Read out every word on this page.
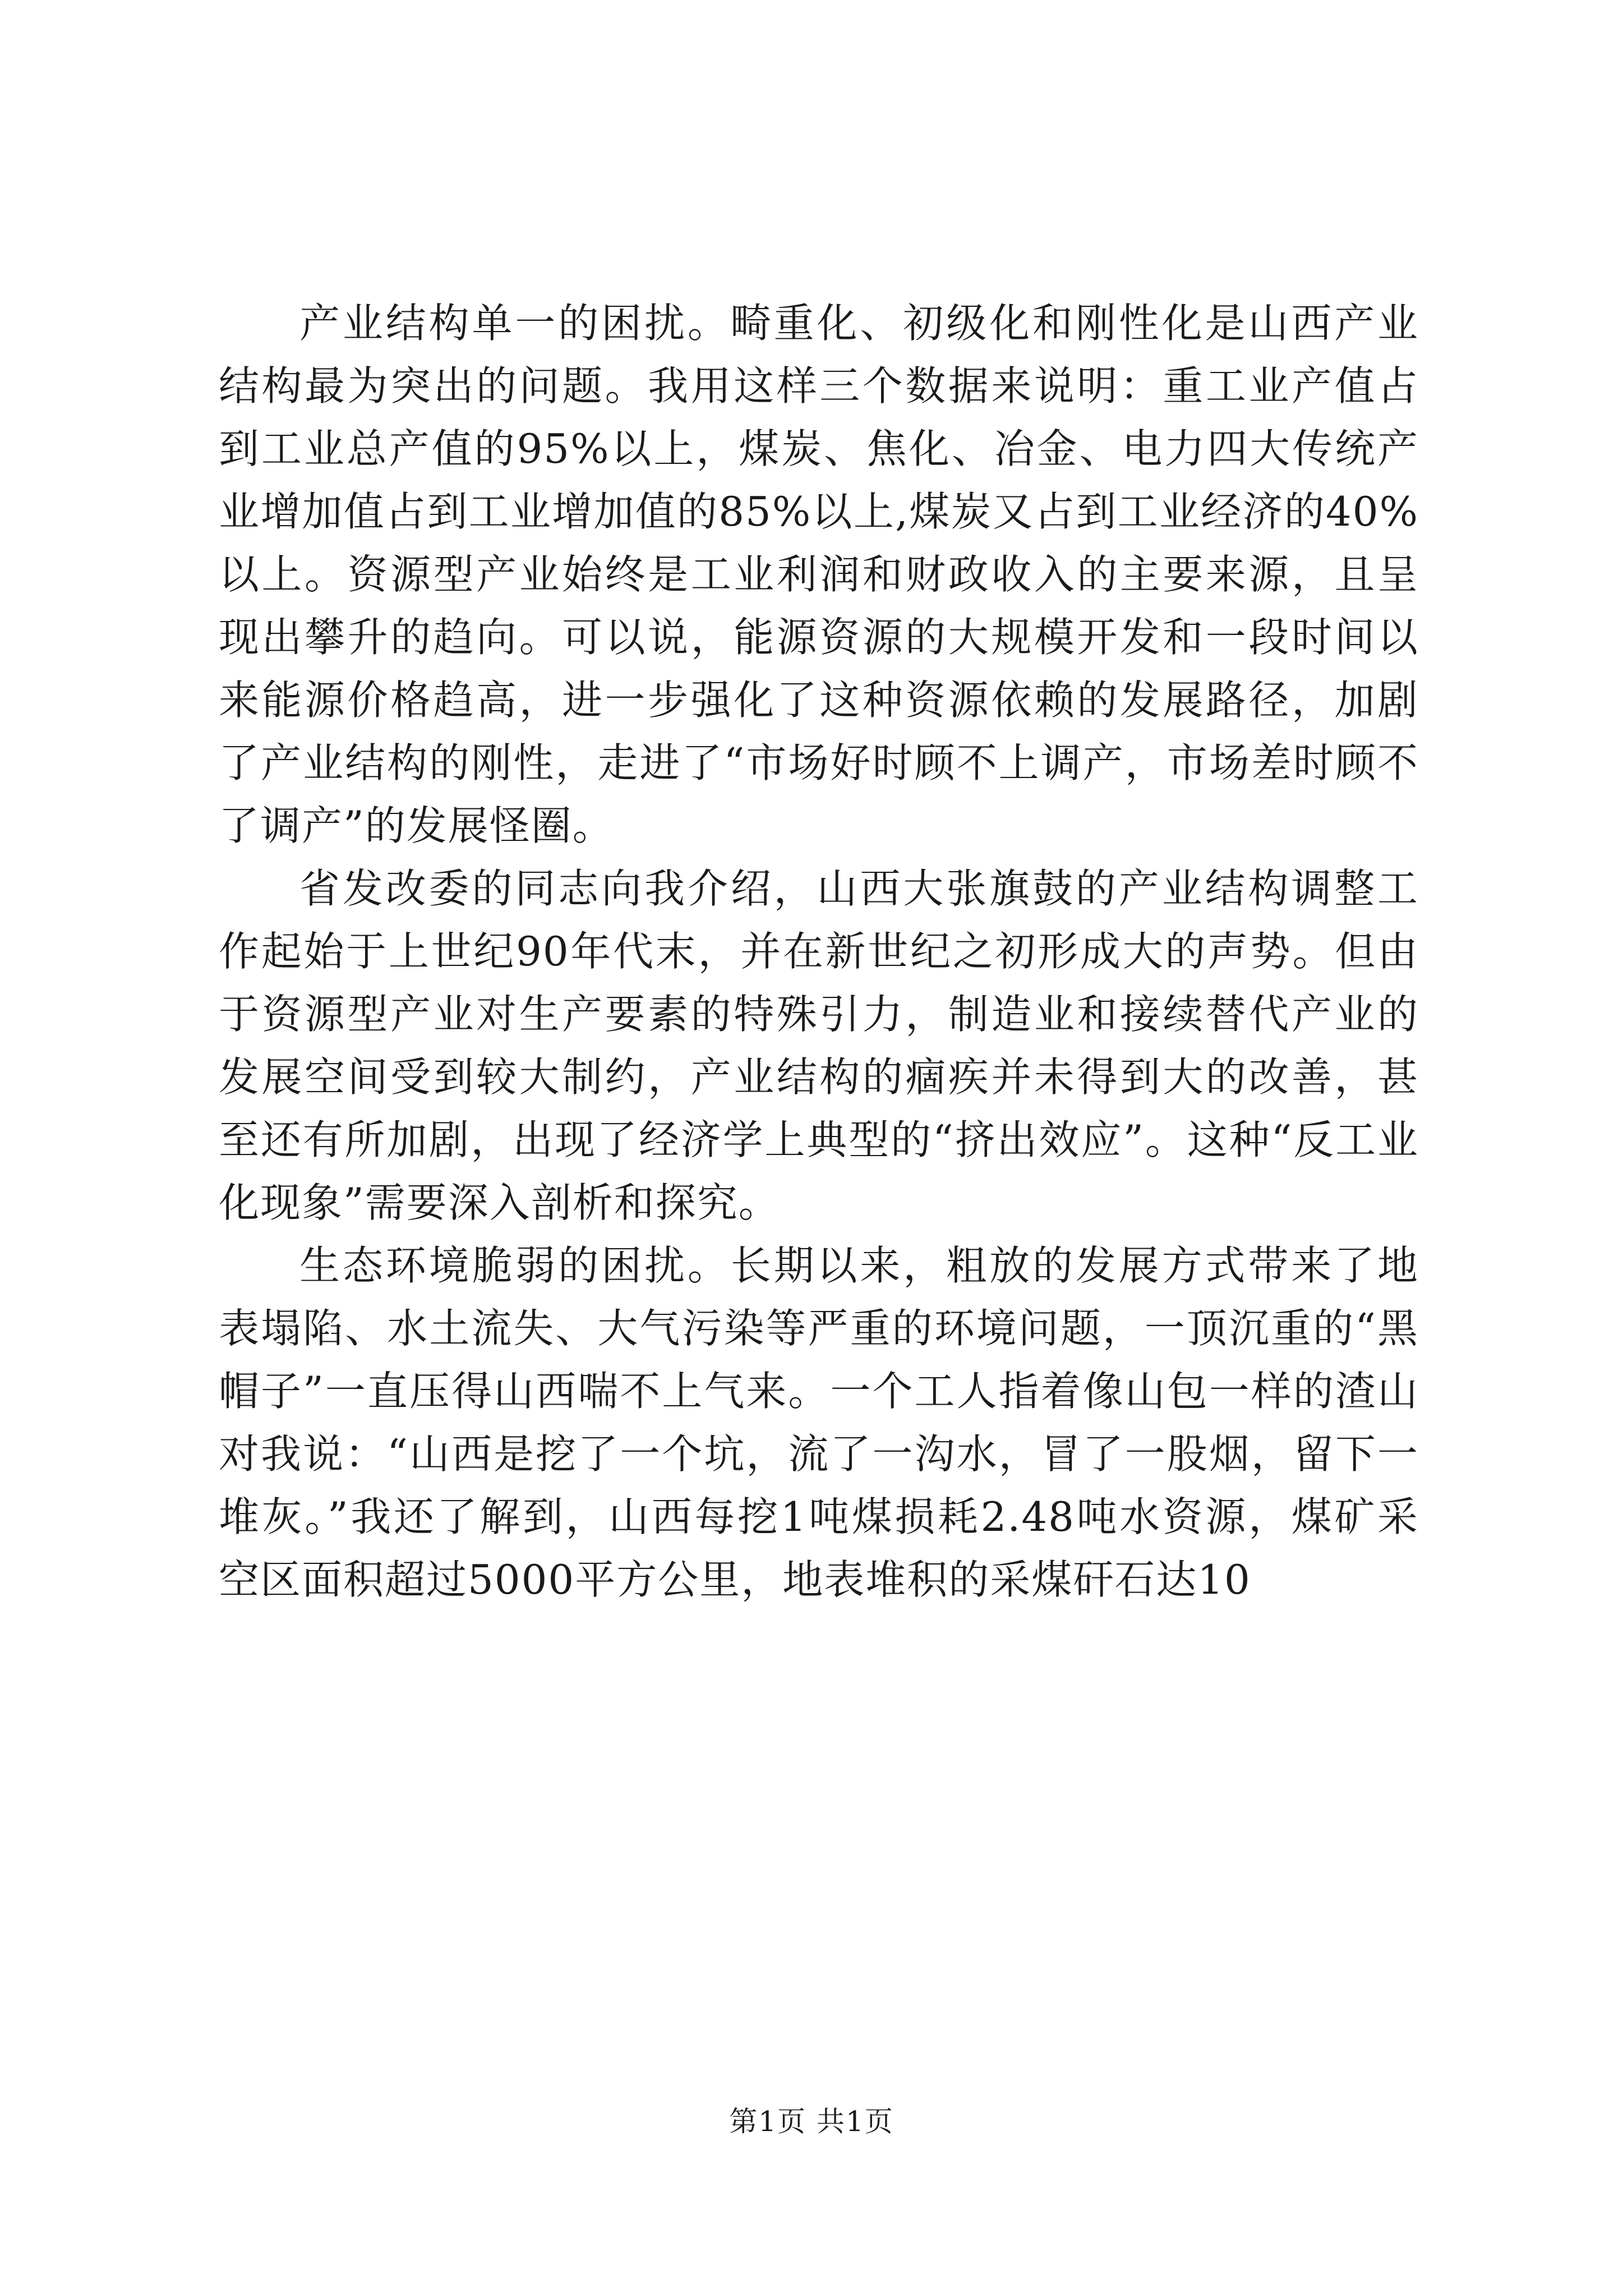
产业结构单一的困扰。畸重化、初级化和刚性化是山西产业结构最为突出的问题。我用这样三个数据来说明：重工业产值占到工业总产值的95%以上，煤炭、焦化、冶金、电力四大传统产业增加值占到工业增加值的85%以上,煤炭又占到工业经济的40%以上。资源型产业始终是工业利润和财政收入的主要来源，且呈现出攀升的趋向。可以说，能源资源的大规模开发和一段时间以来能源价格趋高，进一步强化了这种资源依赖的发展路径，加剧了产业结构的刚性，走进了“市场好时顾不上调产，市场差时顾不了调产”的发展怪圈。

省发改委的同志向我介绍，山西大张旗鼓的产业结构调整工作起始于上世纪90年代末，并在新世纪之初形成大的声势。但由于资源型产业对生产要素的特殊引力，制造业和接续替代产业的发展空间受到较大制约，产业结构的痼疾并未得到大的改善，甚至还有所加剧，出现了经济学上典型的“挤出效应”。这种“反工业化现象”需要深入剖析和探究。

生态环境脆弱的困扰。长期以来，粗放的发展方式带来了地表塌陷、水土流失、大气污染等严重的环境问题，一顶沉重的“黑帽子”一直压得山西喘不上气来。一个工人指着像山包一样的渣山对我说：“山西是挖了一个坑，流了一沟水，冒了一股烟，留下一堆灰。”我还了解到，山西每挖1吨煤损耗2.48吨水资源，煤矿采空区面积超过5000平方公里，地表堆积的采煤矸石达10

第1页 共1页
